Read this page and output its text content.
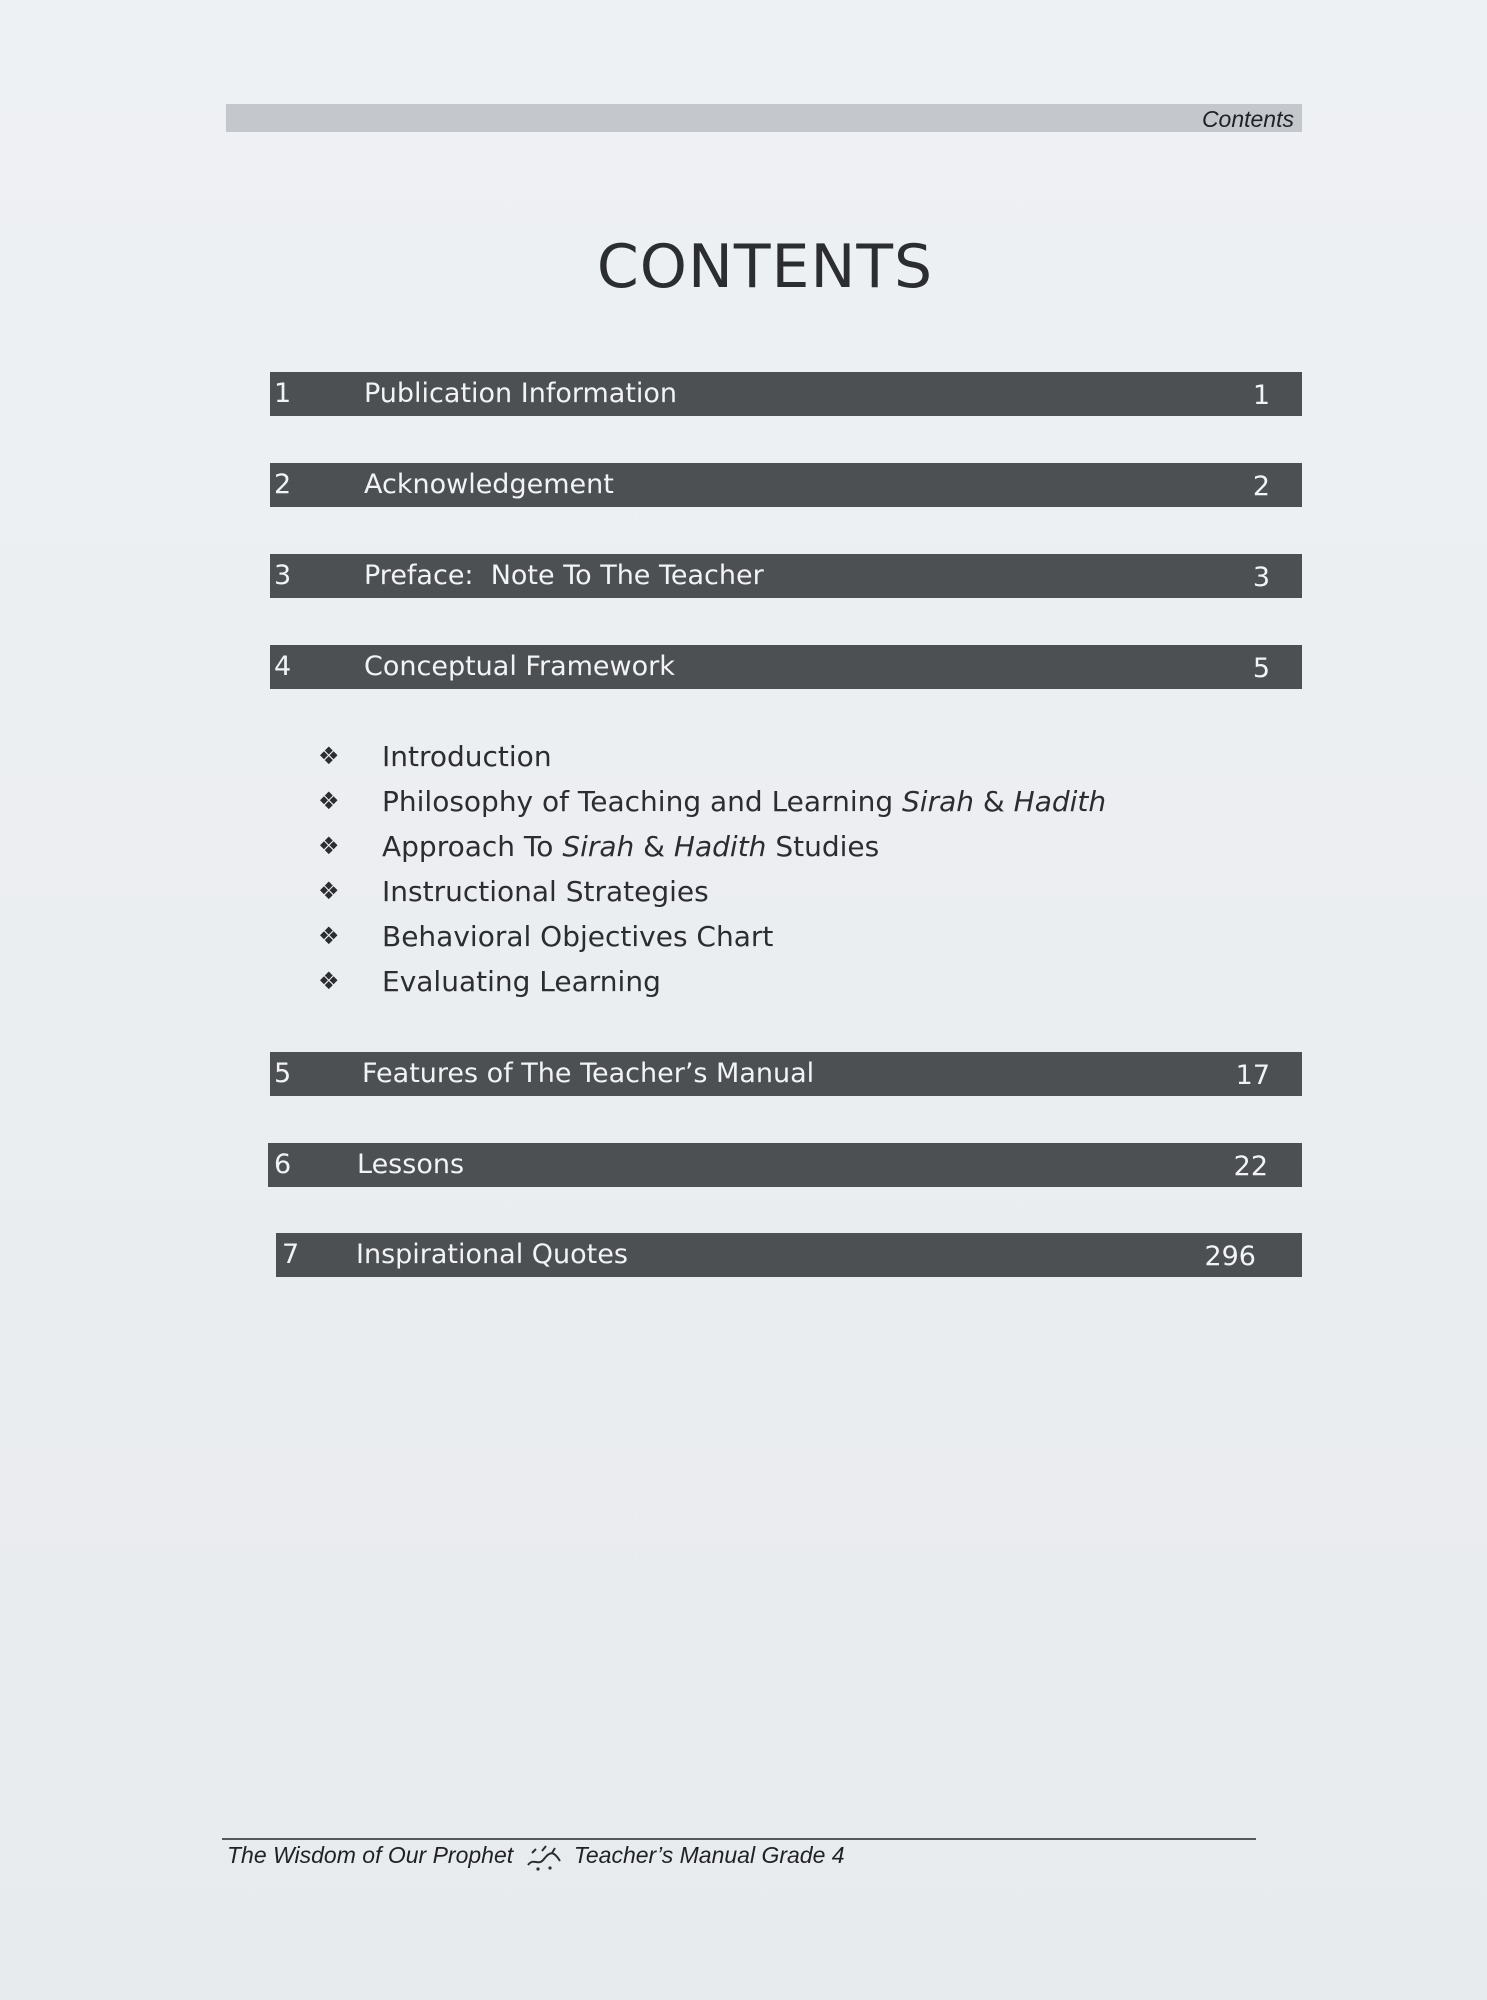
Contents
CONTENTS
1	Publication Information	1
2	Acknowledgement	2
3	Preface:  Note To The Teacher	3
4	Conceptual Framework	5
❖ Introduction
❖ Philosophy of Teaching and Learning Sirah & Hadith
❖ Approach To Sirah & Hadith Studies
❖ Instructional Strategies
❖ Behavioral Objectives Chart
❖ Evaluating Learning
5	Features of The Teacher’s Manual	17
6 Lessons	22
7 Inspirational Quotes	296
The Wisdom of Our Prophet	Teacher’s Manual Grade 4
